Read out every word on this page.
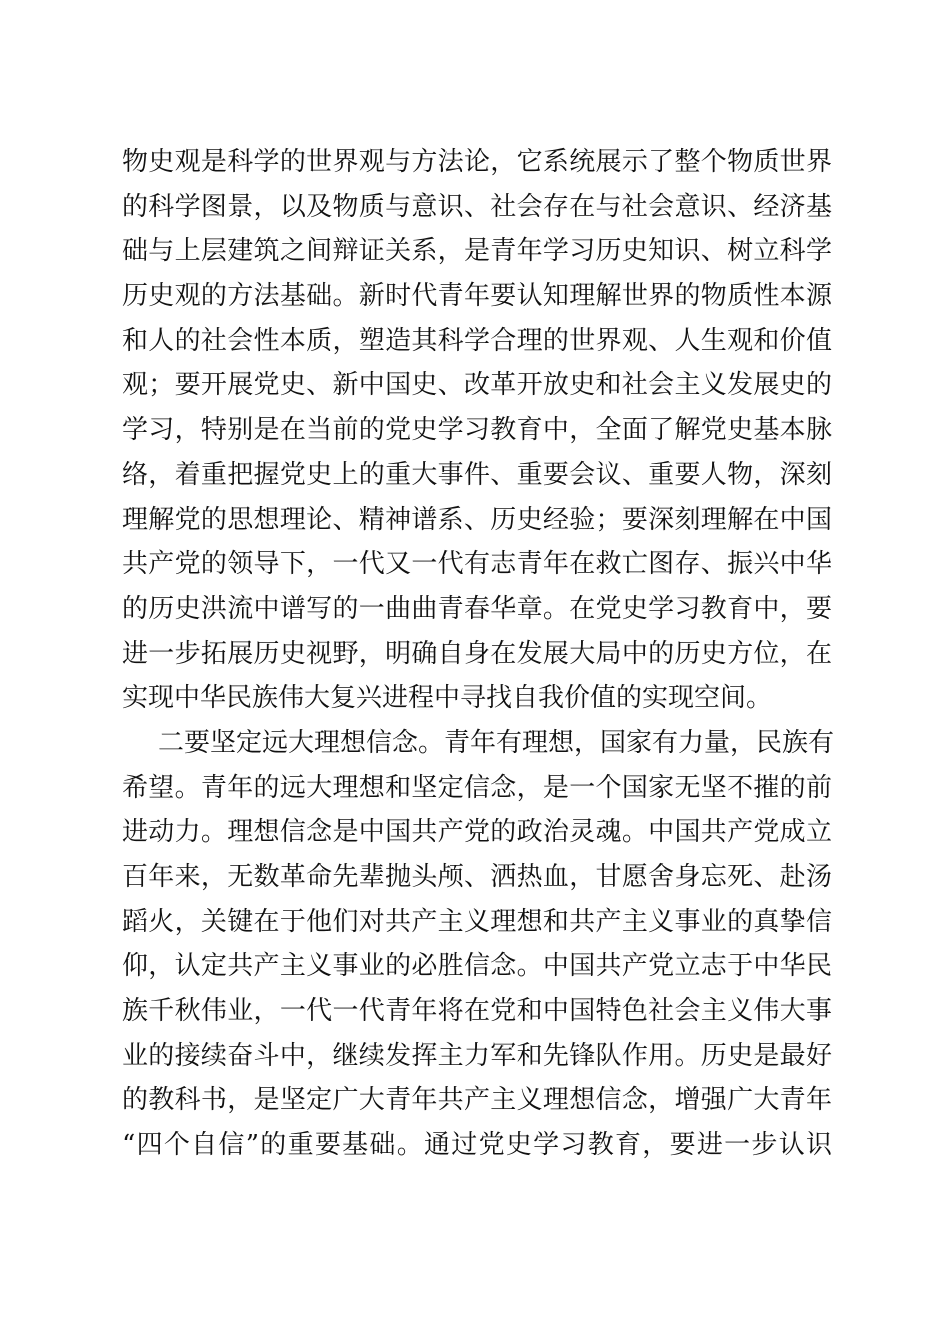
物史观是科学的世界观与方法论，它系统展示了整个物质世界
的科学图景，以及物质与意识、社会存在与社会意识、经济基
础与上层建筑之间辩证关系，是青年学习历史知识、树立科学
历史观的方法基础。新时代青年要认知理解世界的物质性本源
和人的社会性本质，塑造其科学合理的世界观、人生观和价值
观；要开展党史、新中国史、改革开放史和社会主义发展史的
学习，特别是在当前的党史学习教育中，全面了解党史基本脉
络，着重把握党史上的重大事件、重要会议、重要人物，深刻
理解党的思想理论、精神谱系、历史经验；要深刻理解在中国
共产党的领导下，一代又一代有志青年在救亡图存、振兴中华
的历史洪流中谱写的一曲曲青春华章。在党史学习教育中，要
进一步拓展历史视野，明确自身在发展大局中的历史方位，在
实现中华民族伟大复兴进程中寻找自我价值的实现空间。
二要坚定远大理想信念。青年有理想，国家有力量，民族有
希望。青年的远大理想和坚定信念，是一个国家无坚不摧的前
进动力。理想信念是中国共产党的政治灵魂。中国共产党成立
百年来，无数革命先辈抛头颅、洒热血，甘愿舍身忘死、赴汤
蹈火，关键在于他们对共产主义理想和共产主义事业的真挚信
仰，认定共产主义事业的必胜信念。中国共产党立志于中华民
族千秋伟业，一代一代青年将在党和中国特色社会主义伟大事
业的接续奋斗中，继续发挥主力军和先锋队作用。历史是最好
的教科书，是坚定广大青年共产主义理想信念，增强广大青年
“四个自信”的重要基础。通过党史学习教育，要进一步认识
